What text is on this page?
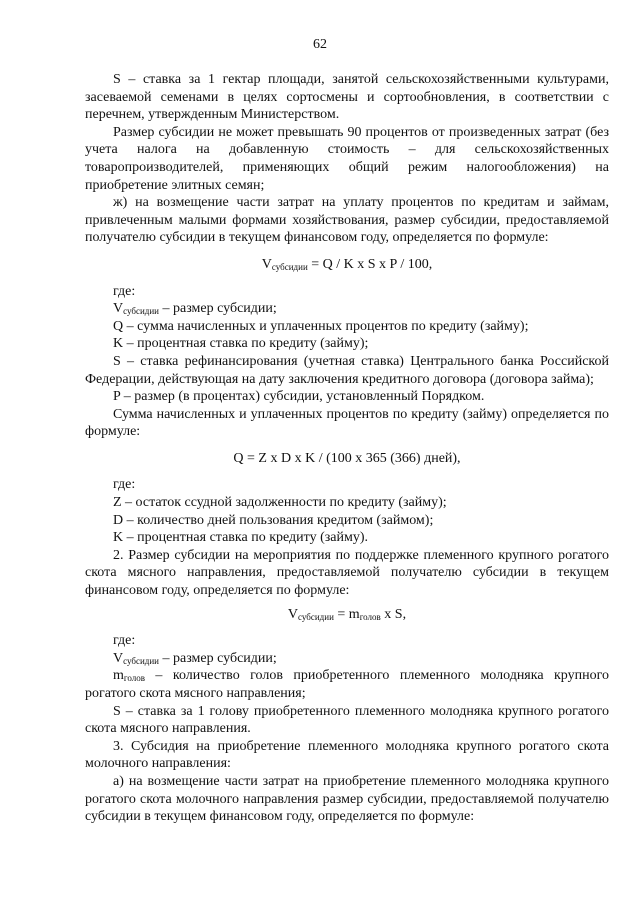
62

S – ставка за 1 гектар площади, занятой сельскохозяйственными культурами, засеваемой семенами в целях сортосмены и сортообновления, в соответствии с перечнем, утвержденным Министерством.

Размер субсидии не может превышать 90 процентов от произведенных затрат (без учета налога на добавленную стоимость – для сельскохозяйственных товаропроизводителей, применяющих общий режим налогообложения) на приобретение элитных семян;

ж) на возмещение части затрат на уплату процентов по кредитам и займам, привлеченным малыми формами хозяйствования, размер субсидии, предоставляемой получателю субсидии в текущем финансовом году, определяется по формуле:

$V_{субсидии} = Q / K$ x S x P / 100,

где:

$V_{субсидии}$ – размер субсидии;

Q – сумма начисленных и уплаченных процентов по кредиту (займу);

K – процентная ставка по кредиту (займу);

S – ставка рефинансирования (учетная ставка) Центрального банка Российской Федерации, действующая на дату заключения кредитного договора (договора займа);

P – размер (в процентах) субсидии, установленный Порядком.

Сумма начисленных и уплаченных процентов по кредиту (займу) определяется по формуле:

Q = Z x D x K / (100 x 365 (366) дней),

где:

Z – остаток ссудной задолженности по кредиту (займу);

D – количество дней пользования кредитом (займом);

K – процентная ставка по кредиту (займу).

2. Размер субсидии на мероприятия по поддержке племенного крупного рогатого скота мясного направления, предоставляемой получателю субсидии в текущем финансовом году, определяется по формуле:

$V_{субсидии} = m_{голов}$ x S,

где:

$V_{субсидии}$ – размер субсидии;

$m_{голов}$ – количество голов приобретенного племенного молодняка крупного рогатого скота мясного направления;

S – ставка за 1 голову приобретенного племенного молодняка крупного рогатого скота мясного направления.

3. Субсидия на приобретение племенного молодняка крупного рогатого скота молочного направления:

а) на возмещение части затрат на приобретение племенного молодняка крупного рогатого скота молочного направления размер субсидии, предоставляемой получателю субсидии в текущем финансовом году, определяется по формуле:
